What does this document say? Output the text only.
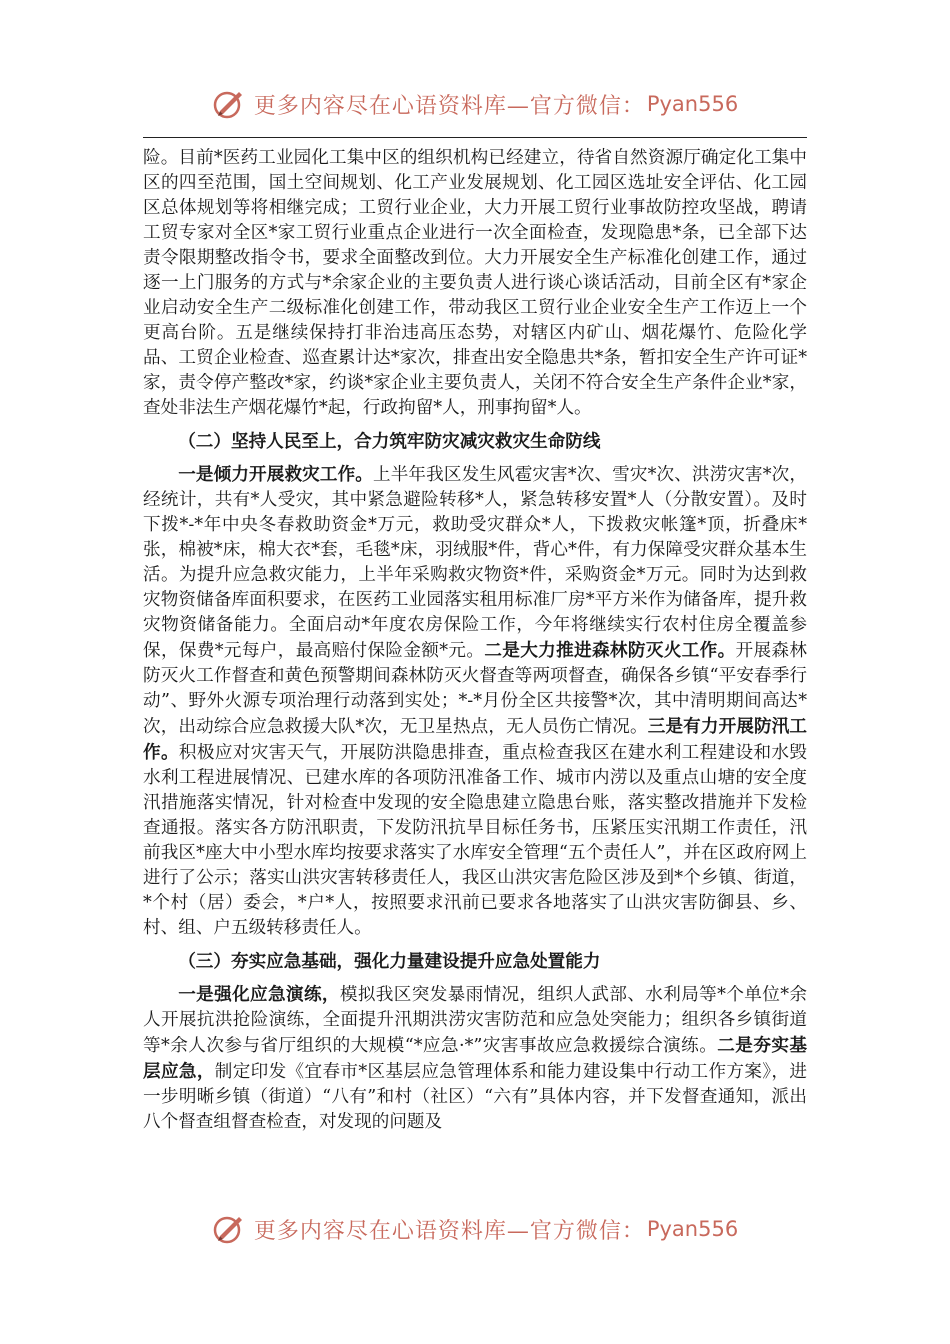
更多内容尽在心语资料库—官方微信： Pyan556

险。目前*医药工业园化工集中区的组织机构已经建立，待省自然资源厅确定化工集中区的四至范围，国土空间规划、化工产业发展规划、化工园区选址安全评估、化工园区总体规划等将相继完成；工贸行业企业，大力开展工贸行业事故防控攻坚战，聘请工贸专家对全区*家工贸行业重点企业进行一次全面检查，发现隐患*条，已全部下达责令限期整改指令书，要求全面整改到位。大力开展安全生产标准化创建工作，通过逐一上门服务的方式与*余家企业的主要负责人进行谈心谈话活动，目前全区有*家企业启动安全生产二级标准化创建工作，带动我区工贸行业企业安全生产工作迈上一个更高台阶。五是继续保持打非治违高压态势，对辖区内矿山、烟花爆竹、危险化学品、工贸企业检查、巡查累计达*家次，排查出安全隐患共*条，暂扣安全生产许可证*家，责令停产整改*家，约谈*家企业主要负责人，关闭不符合安全生产条件企业*家，查处非法生产烟花爆竹*起，行政拘留*人，刑事拘留*人。

（二）坚持人民至上，合力筑牢防灾减灾救灾生命防线

一是倾力开展救灾工作。上半年我区发生风雹灾害*次、雪灾*次、洪涝灾害*次，经统计，共有*人受灾，其中紧急避险转移*人，紧急转移安置*人（分散安置）。及时下拨*-*年中央冬春救助资金*万元，救助受灾群众*人，下拨救灾帐篷*顶，折叠床*张，棉被*床，棉大衣*套，毛毯*床，羽绒服*件，背心*件，有力保障受灾群众基本生活。为提升应急救灾能力，上半年采购救灾物资*件，采购资金*万元。同时为达到救灾物资储备库面积要求，在医药工业园落实租用标准厂房*平方米作为储备库，提升救灾物资储备能力。全面启动*年度农房保险工作，今年将继续实行农村住房全覆盖参保，保费*元每户，最高赔付保险金额*元。二是大力推进森林防灭火工作。开展森林防灭火工作督查和黄色预警期间森林防灭火督查等两项督查，确保各乡镇“平安春季行动”、野外火源专项治理行动落到实处；*-*月份全区共接警*次，其中清明期间高达*次，出动综合应急救援大队*次，无卫星热点，无人员伤亡情况。三是有力开展防汛工作。积极应对灾害天气，开展防洪隐患排查，重点检查我区在建水利工程建设和水毁水利工程进展情况、已建水库的各项防汛准备工作、城市内涝以及重点山塘的安全度汛措施落实情况，针对检查中发现的安全隐患建立隐患台账，落实整改措施并下发检查通报。落实各方防汛职责，下发防汛抗旱目标任务书，压紧压实汛期工作责任，汛前我区*座大中小型水库均按要求落实了水库安全管理“五个责任人”，并在区政府网上进行了公示；落实山洪灾害转移责任人，我区山洪灾害危险区涉及到*个乡镇、街道，*个村（居）委会，*户*人，按照要求汛前已要求各地落实了山洪灾害防御县、乡、村、组、户五级转移责任人。

（三）夯实应急基础，强化力量建设提升应急处置能力

一是强化应急演练，模拟我区突发暴雨情况，组织人武部、水利局等*个单位*余人开展抗洪抢险演练，全面提升汛期洪涝灾害防范和应急处突能力；组织各乡镇街道等*余人次参与省厅组织的大规模“*应急·*”灾害事故应急救援综合演练。二是夯实基层应急，制定印发《宜春市*区基层应急管理体系和能力建设集中行动工作方案》，进一步明晰乡镇（街道）“八有”和村（社区）“六有”具体内容，并下发督查通知，派出八个督查组督查检查，对发现的问题及

更多内容尽在心语资料库—官方微信： Pyan556
